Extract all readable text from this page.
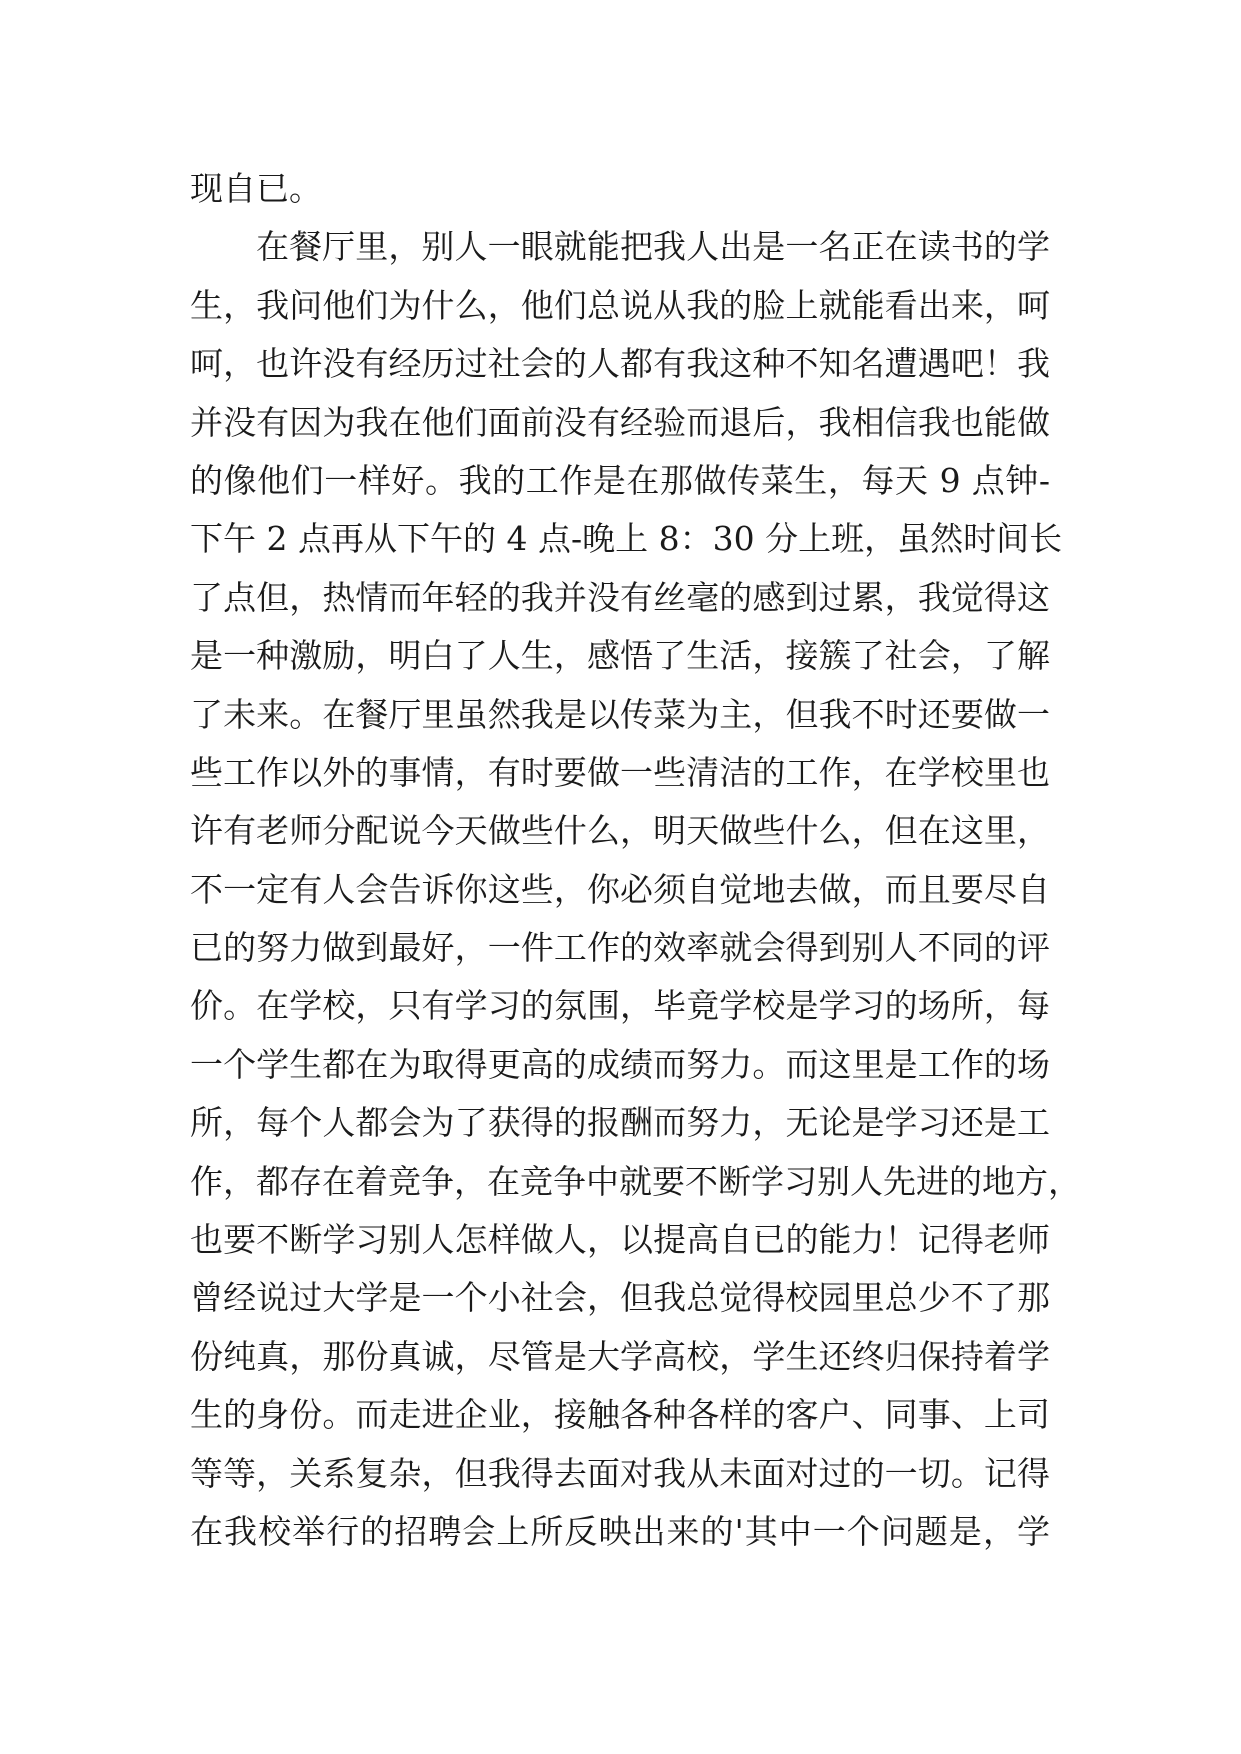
现自已。
在餐厅里，别人一眼就能把我人出是一名正在读书的学
生，我问他们为什么，他们总说从我的脸上就能看出来，呵
呵，也许没有经历过社会的人都有我这种不知名遭遇吧！我
并没有因为我在他们面前没有经验而退后，我相信我也能做
的像他们一样好。我的工作是在那做传菜生，每天 9 点钟-
下午 2 点再从下午的 4 点-晚上 8：30 分上班，虽然时间长
了点但，热情而年轻的我并没有丝毫的感到过累，我觉得这
是一种激励，明白了人生，感悟了生活，接簇了社会，了解
了未来。在餐厅里虽然我是以传菜为主，但我不时还要做一
些工作以外的事情，有时要做一些清洁的工作，在学校里也
许有老师分配说今天做些什么，明天做些什么，但在这里，
不一定有人会告诉你这些，你必须自觉地去做，而且要尽自
已的努力做到最好，一件工作的效率就会得到别人不同的评
价。在学校，只有学习的氛围，毕竟学校是学习的场所，每
一个学生都在为取得更高的成绩而努力。而这里是工作的场
所，每个人都会为了获得的报酬而努力，无论是学习还是工
作，都存在着竞争，在竞争中就要不断学习别人先进的地方，
也要不断学习别人怎样做人，以提高自已的能力！记得老师
曾经说过大学是一个小社会，但我总觉得校园里总少不了那
份纯真，那份真诚，尽管是大学高校，学生还终归保持着学
生的身份。而走进企业，接触各种各样的客户、同事、上司
等等，关系复杂，但我得去面对我从未面对过的一切。记得
在我校举行的招聘会上所反映出来的'其中一个问题是，学
